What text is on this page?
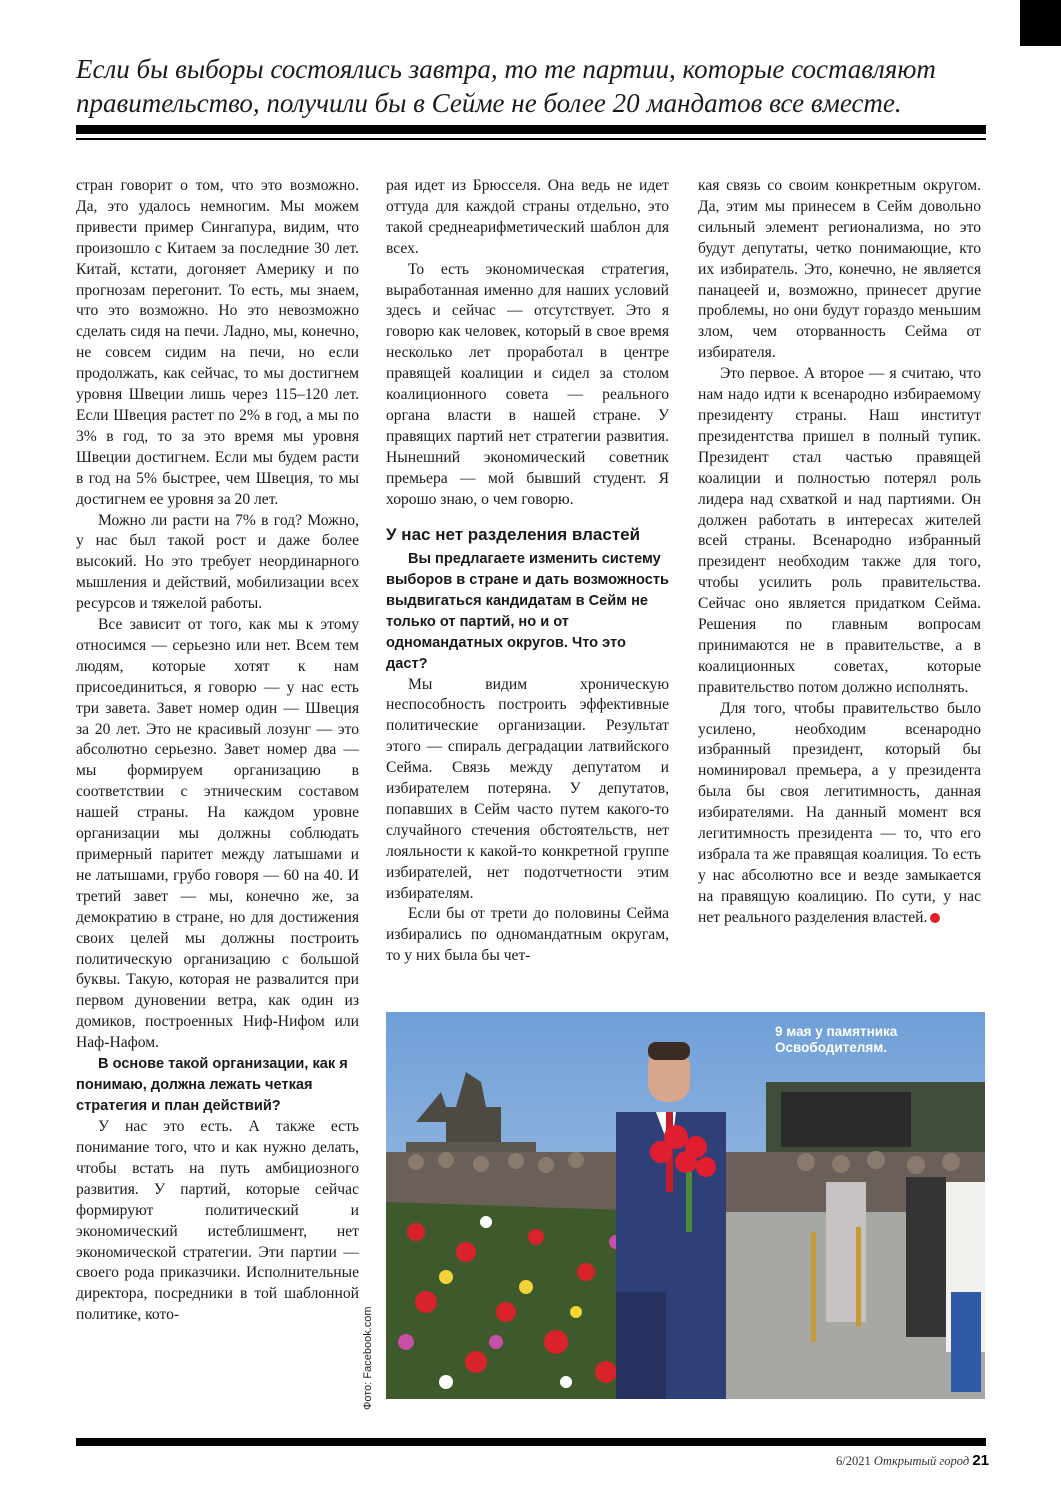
Если бы выборы состоялись завтра, то те партии, которые составляют правительство, получили бы в Сейме не более 20 мандатов все вместе.

стран говорит о том, что это возможно. Да, это удалось немногим. Мы можем привести пример Сингапура, видим, что произошло с Китаем за последние 30 лет. Китай, кстати, догоняет Америку и по прогнозам перегонит. То есть, мы знаем, что это возможно. Но это невозможно сделать сидя на печи. Ладно, мы, конечно, не совсем сидим на печи, но если продолжать, как сейчас, то мы достигнем уровня Швеции лишь через 115–120 лет. Если Швеция растет по 2% в год, а мы по 3% в год, то за это время мы уровня Швеции достигнем. Если мы будем расти в год на 5% быстрее, чем Швеция, то мы достигнем ее уровня за 20 лет.

Можно ли расти на 7% в год? Можно, у нас был такой рост и даже более высокий. Но это требует неординарного мышления и действий, мобилизации всех ресурсов и тяжелой работы.

Все зависит от того, как мы к этому относимся — серьезно или нет. Всем тем людям, которые хотят к нам присоединиться, я говорю — у нас есть три завета. Завет номер один — Швеция за 20 лет. Это не красивый лозунг — это абсолютно серьезно. Завет номер два — мы формируем организацию в соответствии с этническим составом нашей страны. На каждом уровне организации мы должны соблюдать примерный паритет между латышами и не латышами, грубо говоря — 60 на 40. И третий завет — мы, конечно же, за демократию в стране, но для достижения своих целей мы должны построить политическую организацию с большой буквы. Такую, которая не развалится при первом дуновении ветра, как один из домиков, построенных Ниф-Нифом или Наф-Нафом.

В основе такой организации, как я понимаю, должна лежать четкая стратегия и план действий?

У нас это есть. А также есть понимание того, что и как нужно делать, чтобы встать на путь амбициозного развития. У партий, которые сейчас формируют политический и экономический истеблишмент, нет экономической стратегии. Эти партии — своего рода приказчики. Исполнительные директора, посредники в той шаблонной политике, кото-

рая идет из Брюсселя. Она ведь не идет оттуда для каждой страны отдельно, это такой среднеарифметический шаблон для всех.

То есть экономическая стратегия, выработанная именно для наших условий здесь и сейчас — отсутствует. Это я говорю как человек, который в свое время несколько лет проработал в центре правящей коалиции и сидел за столом коалиционного совета — реального органа власти в нашей стране. У правящих партий нет стратегии развития. Нынешний экономический советник премьера — мой бывший студент. Я хорошо знаю, о чем говорю.

У нас нет разделения властей

Вы предлагаете изменить систему выборов в стране и дать возможность выдвигаться кандидатам в Сейм не только от партий, но и от одномандатных округов. Что это даст?

Мы видим хроническую неспособность построить эффективные политические организации. Результат этого — спираль деградации латвийского Сейма. Связь между депутатом и избирателем потеряна. У депутатов, попавших в Сейм часто путем какого-то случайного стечения обстоятельств, нет лояльности к какой-то конкретной группе избирателей, нет подотчетности этим избирателям.

Если бы от трети до половины Сейма избирались по одномандатным округам, то у них была бы чет-

кая связь со своим конкретным округом. Да, этим мы принесем в Сейм довольно сильный элемент регионализма, но это будут депутаты, четко понимающие, кто их избиратель. Это, конечно, не является панацеей и, возможно, принесет другие проблемы, но они будут гораздо меньшим злом, чем оторванность Сейма от избирателя.

Это первое. А второе — я считаю, что нам надо идти к всенародно избираемому президенту страны. Наш институт президентства пришел в полный тупик. Президент стал частью правящей коалиции и полностью потерял роль лидера над схваткой и над партиями. Он должен работать в интересах жителей всей страны. Всенародно избранный президент необходим также для того, чтобы усилить роль правительства. Сейчас оно является придатком Сейма. Решения по главным вопросам принимаются не в правительстве, а в коалиционных советах, которые правительство потом должно исполнять.

Для того, чтобы правительство было усилено, необходим всенародно избранный президент, который бы номинировал премьера, а у президента была бы своя легитимность, данная избирателями. На данный момент вся легитимность президента — то, что его избрала та же правящая коалиция. То есть у нас абсолютно все и везде замыкается на правящую коалицию. По сути, у нас нет реального разделения властей.

9 мая у памятника Освободителям.
Фото: Facebook.com
6/2021 Открытый город 21
